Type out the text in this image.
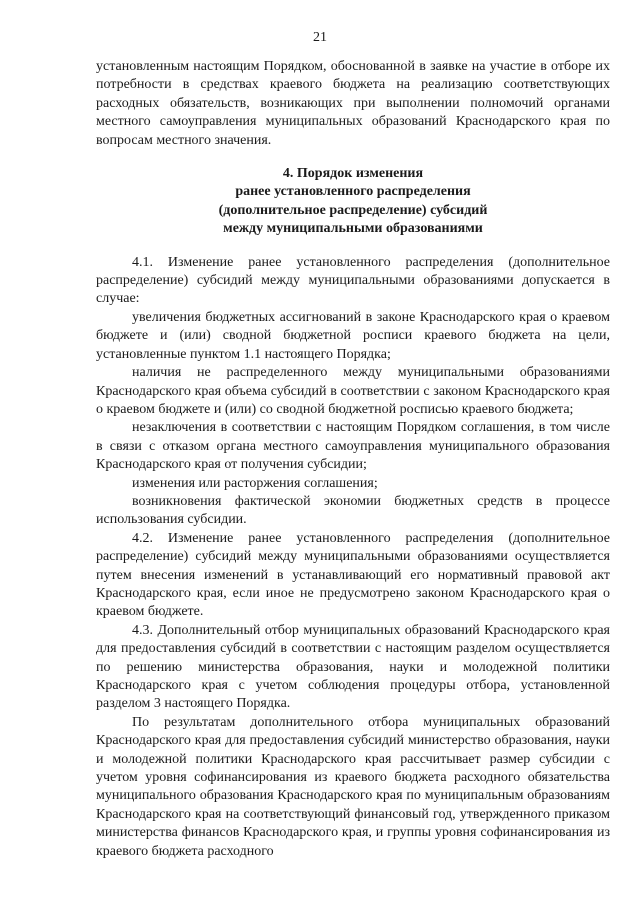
21

установленным настоящим Порядком, обоснованной в заявке на участие в отборе их потребности в средствах краевого бюджета на реализацию соответствующих расходных обязательств, возникающих при выполнении полномочий органами местного самоуправления муниципальных образований Краснодарского края по вопросам местного значения.

4. Порядок изменения
ранее установленного распределения
(дополнительное распределение) субсидий
между муниципальными образованиями

4.1. Изменение ранее установленного распределения (дополнительное распределение) субсидий между муниципальными образованиями допускается в случае:

увеличения бюджетных ассигнований в законе Краснодарского края о краевом бюджете и (или) сводной бюджетной росписи краевого бюджета на цели, установленные пунктом 1.1 настоящего Порядка;

наличия не распределенного между муниципальными образованиями Краснодарского края объема субсидий в соответствии с законом Краснодарского края о краевом бюджете и (или) со сводной бюджетной росписью краевого бюджета;

незаключения в соответствии с настоящим Порядком соглашения, в том числе в связи с отказом органа местного самоуправления муниципального образования Краснодарского края от получения субсидии;

изменения или расторжения соглашения;

возникновения фактической экономии бюджетных средств в процессе использования субсидии.

4.2. Изменение ранее установленного распределения (дополнительное распределение) субсидий между муниципальными образованиями осуществляется путем внесения изменений в устанавливающий его нормативный правовой акт Краснодарского края, если иное не предусмотрено законом Краснодарского края о краевом бюджете.

4.3. Дополнительный отбор муниципальных образований Краснодарского края для предоставления субсидий в соответствии с настоящим разделом осуществляется по решению министерства образования, науки и молодежной политики Краснодарского края с учетом соблюдения процедуры отбора, установленной разделом 3 настоящего Порядка.

По результатам дополнительного отбора муниципальных образований Краснодарского края для предоставления субсидий министерство образования, науки и молодежной политики Краснодарского края рассчитывает размер субсидии с учетом уровня софинансирования из краевого бюджета расходного обязательства муниципального образования Краснодарского края по муниципальным образованиям Краснодарского края на соответствующий финансовый год, утвержденного приказом министерства финансов Краснодарского края, и группы уровня софинансирования из краевого бюджета расходного
